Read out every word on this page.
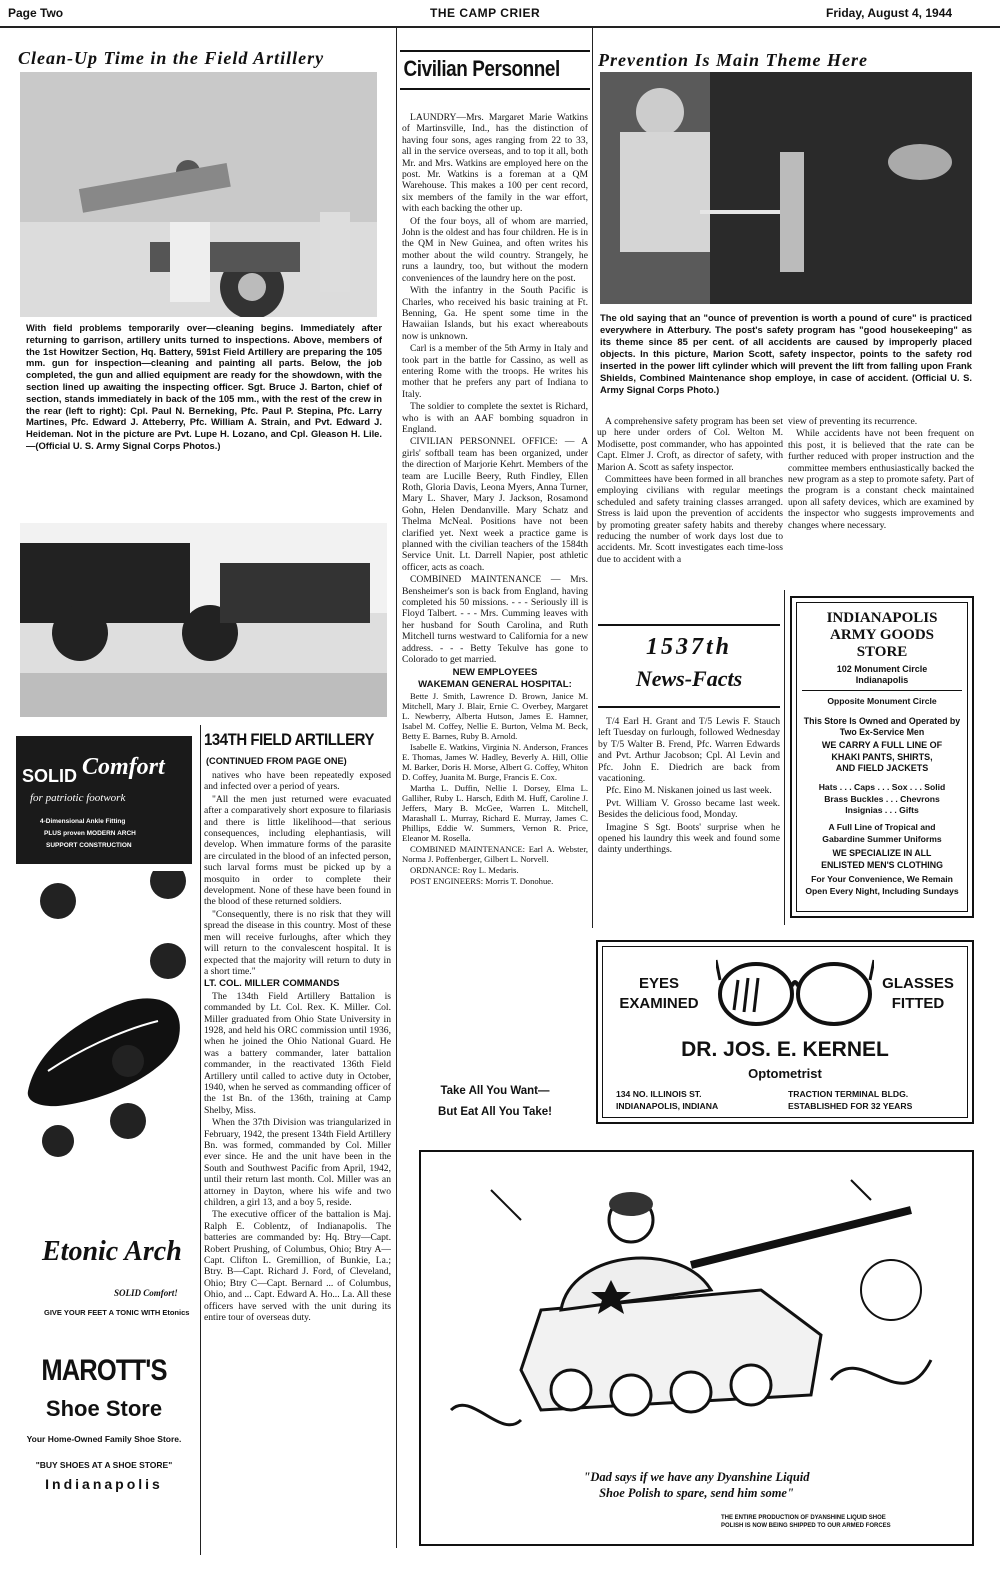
Page Two	THE CAMP CRIER	Friday, August 4, 1944
Clean-Up Time in the Field Artillery
With field problems temporarily over—cleaning begins. Immediately after returning to garrison, artillery units turned to inspections. Above, members of the 1st Howitzer Section, Hq. Battery, 591st Field Artillery are preparing the 105 mm. gun for inspection—cleaning and painting all parts. Below, the job completed, the gun and allied equipment are ready for the showdown, with the section lined up awaiting the inspecting officer. Sgt. Bruce J. Barton, chief of section, stands immediately in back of the 105 mm., with the rest of the crew in the rear (left to right): Cpl. Paul N. Berneking, Pfc. Paul P. Stepina, Pfc. Larry Martines, Pfc. Edward J. Atteberry, Pfc. William A. Strain, and Pvt. Edward J. Heideman. Not in the picture are Pvt. Lupe H. Lozano, and Cpl. Gleason H. Lile.—(Official U. S. Army Signal Corps Photos.)
Civilian Personnel

LAUNDRY—Mrs. Margaret Marie Watkins of Martinsville, Ind., has the distinction of having four sons, ages ranging from 22 to 33, all in the service overseas, and to top it all, both Mr. and Mrs. Watkins are employed here on the post. Mr. Watkins is a foreman at a QM Warehouse. This makes a 100 per cent record, six members of the family in the war effort, with each backing the other up.

Of the four boys, all of whom are married, John is the oldest and has four children. He is in the QM in New Guinea, and often writes his mother about the wild country. Strangely, he runs a laundry, too, but without the modern conveniences of the laundry here on the post.

With the infantry in the South Pacific is Charles, who received his basic training at Ft. Benning, Ga. He spent some time in the Hawaiian Islands, but his exact whereabouts now is unknown.

Carl is a member of the 5th Army in Italy and took part in the battle for Cassino, as well as entering Rome with the troops. He writes his mother that he prefers any part of Indiana to Italy.

The soldier to complete the sextet is Richard, who is with an AAF bombing squadron in England.

CIVILIAN PERSONNEL OFFICE: — A girls' softball team has been organized, under the direction of Marjorie Kehrt. Members of the team are Lucille Beery, Ruth Findley, Ellen Roth, Gloria Davis, Leona Myers, Anna Turner, Mary L. Shaver, Mary J. Jackson, Rosamond Gohn, Helen Dendanville. Mary Schatz and Thelma McNeal. Positions have not been clarified yet. Next week a practice game is planned with the civilian teachers of the 1584th Service Unit. Lt. Darrell Napier, post athletic officer, acts as coach.

COMBINED MAINTENANCE — Mrs. Bensheimer's son is back from England, having completed his 50 missions. - - - Seriously ill is Floyd Talbert. - - - Mrs. Cumming leaves with her husband for South Carolina, and Ruth Mitchell turns westward to California for a new address. - - - Betty Tekulve has gone to Colorado to get married.

NEW EMPLOYEES

WAKEMAN GENERAL HOSPITAL:

Bette J. Smith, Lawrence D. Brown, Janice M. Mitchell, Mary J. Blair, Ernie C. Overbey, Margaret L. Newberry, Alberta Hutson, James E. Hamner, Isabel M. Coffey, Nellie E. Burton, Velma M. Beck, Betty E. Barnes, Ruby B. Arnold.

Isabelle E. Watkins, Virginia N. Anderson, Frances E. Thomas, James W. Hadley, Beverly A. Hill, Ollie M. Barker, Doris H. Morse, Albert G. Coffey, Whiton D. Coffey, Juanita M. Burge, Francis E. Cox.

Martha L. Duffin, Nellie I. Dorsey, Elma L. Galliher, Ruby L. Harsch, Edith M. Huff, Caroline J. Jeffers, Mary B. McGee, Warren L. Mitchell, Marashall L. Murray, Richard E. Murray, James C. Phillips, Eddie W. Summers, Vernon R. Price, Eleanor M. Rosella.

COMBINED MAINTENANCE: Earl A. Webster, Norma J. Poffenberger, Gilbert L. Norvell.

ORDNANCE: Roy L. Medaris.

POST ENGINEERS: Morris T. Donohue.

Take All You Want—
But Eat All You Take!
134TH FIELD ARTILLERY
(CONTINUED FROM PAGE ONE)

natives who have been repeatedly exposed and infected over a period of years.

"All the men just returned were evacuated after a comparatively short exposure to filariasis and there is little likelihood—that serious consequences, including elephantiasis, will develop. When immature forms of the parasite are circulated in the blood of an infected person, such larval forms must be picked up by a mosquito in order to complete their development. None of these have been found in the blood of these returned soldiers.

"Consequently, there is no risk that they will spread the disease in this country. Most of these men will receive furloughs, after which they will return to the convalescent hospital. It is expected that the majority will return to duty in a short time."

LT. COL. MILLER COMMANDS

The 134th Field Artillery Battalion is commanded by Lt. Col. Rex. K. Miller. Col. Miller graduated from Ohio State University in 1928, and held his ORC commission until 1936, when he joined the Ohio National Guard. He was a battery commander, later battalion commander, in the reactivated 136th Field Artillery until called to active duty in October, 1940, when he served as commanding officer of the 1st Bn. of the 136th, training at Camp Shelby, Miss.

When the 37th Division was triangularized in February, 1942, the present 134th Field Artillery Bn. was formed, commanded by Col. Miller ever since. He and the unit have been in the South and Southwest Pacific from April, 1942, until their return last month. Col. Miller was an attorney in Dayton, where his wife and two children, a girl 13, and a boy 5, reside.

The executive officer of the battalion is Maj. Ralph E. Coblentz, of Indianapolis. The batteries are commanded by: Hq. Btry—Capt. Robert Prushing, of Columbus, Ohio; Btry A—Capt. Clifton L. Gremillion, of Bunkie, La.; Btry. B—Capt. Richard J. Ford, of Cleveland, Ohio; Btry C—Capt. Bernard ... of Columbus, Ohio, and ... Capt. Edward A. Ho... La. All these officers have served with the unit during its entire tour of overseas duty.

SOLID Comfort
for patriotic footwork
4-Dimensional Ankle Fitting
PLUS proven MODERN ARCH
SUPPORT CONSTRUCTION
Etonic Arch
SOLID Comfort!
GIVE YOUR FEET A TONIC WITH Etonics
MAROTT'S
Shoe Store
Your Home-Owned Family Shoe Store.
"BUY SHOES AT A SHOE STORE"
Indianapolis
Prevention Is Main Theme Here
The old saying that an "ounce of prevention is worth a pound of cure" is practiced everywhere in Atterbury. The post's safety program has "good housekeeping" as its theme since 85 per cent. of all accidents are caused by improperly placed objects. In this picture, Marion Scott, safety inspector, points to the safety rod inserted in the power lift cylinder which will prevent the lift from falling upon Frank Shields, Combined Maintenance shop employe, in case of accident. (Official U. S. Army Signal Corps Photo.)

A comprehensive safety program has been set up here under orders of Col. Welton M. Modisette, post commander, who has appointed Capt. Elmer J. Croft, as director of safety, with Marion A. Scott as safety inspector.

Committees have been formed in all branches employing civilians with regular meetings scheduled and safety training classes arranged. Stress is laid upon the prevention of accidents by promoting greater safety habits and thereby reducing the number of work days lost due to accidents. Mr. Scott investigates each time-loss due to accident with a

view of preventing its recurrence.

While accidents have not been frequent on this post, it is believed that the rate can be further reduced with proper instruction and the committee members enthusiastically backed the new program as a step to promote safety. Part of the program is a constant check maintained upon all safety devices, which are examined by the inspector who suggests improvements and changes where necessary.

1537th
News-Facts

T/4 Earl H. Grant and T/5 Lewis F. Stauch left Tuesday on furlough, followed Wednesday by T/5 Walter B. Frend, Pfc. Warren Edwards and Pvt. Arthur Jacobson; Cpl. Al Levin and Pfc. John E. Diedrich are back from vacationing.

Pfc. Eino M. Niskanen joined us last week.

Pvt. William V. Grosso became last week. Besides the delicious food, Monday.

Imagine S Sgt. Boots' surprise when he opened his laundry this week and found some dainty underthings.

INDIANAPOLIS
ARMY GOODS
STORE
102 Monument Circle
Indianapolis
Opposite Monument Circle
This Store Is Owned and Operated by Two Ex-Service Men
WE CARRY A FULL LINE OF
KHAKI PANTS, SHIRTS,
AND FIELD JACKETS
Hats . . . Caps . . . Sox . . . Solid
Brass Buckles . . . Chevrons
Insignias . . . Gifts
A Full Line of Tropical and
Gabardine Summer Uniforms
WE SPECIALIZE IN ALL
ENLISTED MEN'S CLOTHING
For Your Convenience, We Remain Open Every Night, Including Sundays
EYES
EXAMINED
GLASSES
FITTED
DR. JOS. E. KERNEL
Optometrist
134 NO. ILLINOIS ST.
INDIANAPOLIS, INDIANA
TRACTION TERMINAL BLDG.
ESTABLISHED FOR 32 YEARS
"Dad says if we have any Dyanshine Liquid
Shoe Polish to spare, send him some"
THE ENTIRE PRODUCTION OF DYANSHINE LIQUID SHOE
POLISH IS NOW BEING SHIPPED TO OUR ARMED FORCES
